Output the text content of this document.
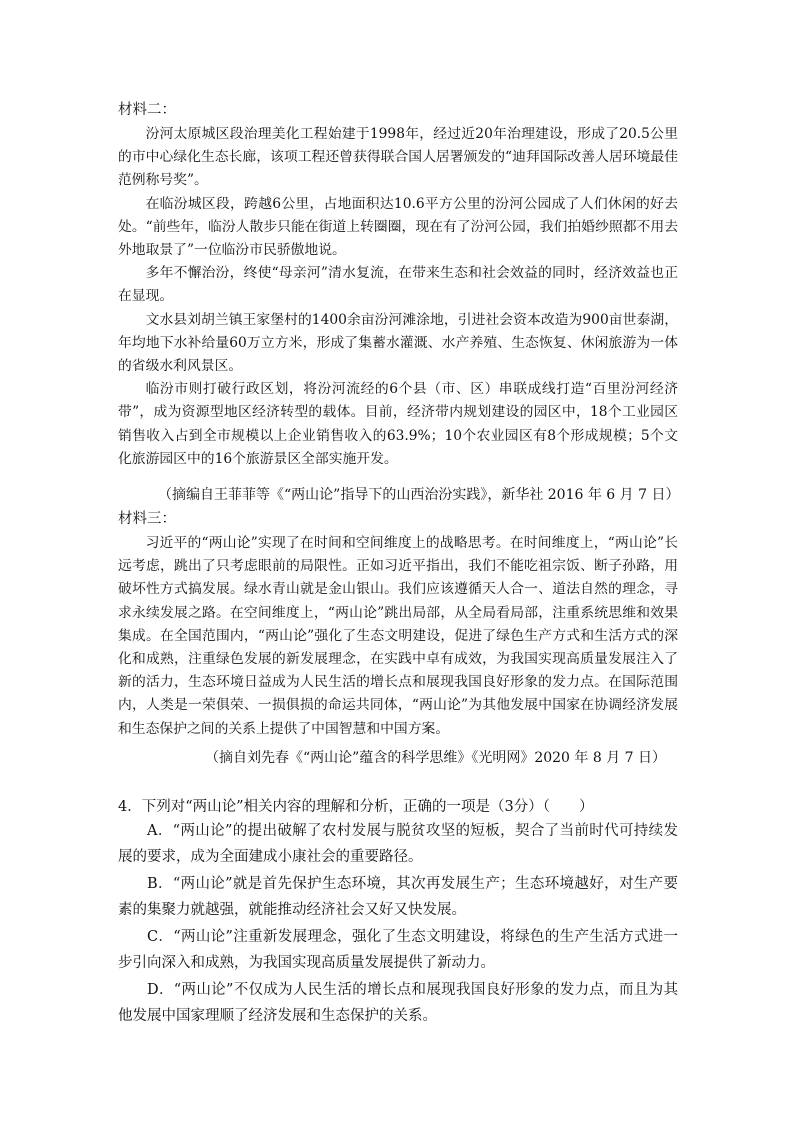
材料二：

汾河太原城区段治理美化工程始建于1998年，经过近20年治理建设，形成了20.5公里的市中心绿化生态长廊，该项工程还曾获得联合国人居署颁发的“迪拜国际改善人居环境最佳范例称号奖”。

在临汾城区段，跨越6公里，占地面积达10.6平方公里的汾河公园成了人们休闲的好去处。“前些年，临汾人散步只能在街道上转圈圈，现在有了汾河公园，我们拍婚纱照都不用去外地取景了”一位临汾市民骄傲地说。

多年不懈治汾，终使“母亲河”清水复流，在带来生态和社会效益的同时，经济效益也正在显现。

文水县刘胡兰镇王家堡村的1400余亩汾河滩涂地，引进社会资本改造为900亩世泰湖，年均地下水补给量60万立方米，形成了集蓄水灌溉、水产养殖、生态恢复、休闲旅游为一体的省级水利风景区。

临汾市则打破行政区划，将汾河流经的6个县（市、区）串联成线打造“百里汾河经济带”，成为资源型地区经济转型的载体。目前，经济带内规划建设的园区中，18个工业园区销售收入占到全市规模以上企业销售收入的63.9%；10个农业园区有8个形成规模；5个文化旅游园区中的16个旅游景区全部实施开发。

（摘编自王菲菲等《“两山论”指导下的山西治汾实践》，新华社 2016 年 6 月 7 日）
材料三：

习近平的“两山论”实现了在时间和空间维度上的战略思考。在时间维度上，“两山论”长远考虑，跳出了只考虑眼前的局限性。正如习近平指出，我们不能吃祖宗饭、断子孙路，用破坏性方式搞发展。绿水青山就是金山银山。我们应该遵循天人合一、道法自然的理念，寻求永续发展之路。在空间维度上，“两山论”跳出局部，从全局看局部，注重系统思维和效果集成。在全国范围内，“两山论”强化了生态文明建设，促进了绿色生产方式和生活方式的深化和成熟，注重绿色发展的新发展理念，在实践中卓有成效，为我国实现高质量发展注入了新的活力，生态环境日益成为人民生活的增长点和展现我国良好形象的发力点。在国际范围内，人类是一荣俱荣、一损俱损的命运共同体，“两山论”为其他发展中国家在协调经济发展和生态保护之间的关系上提供了中国智慧和中国方案。

（摘自刘先春《“两山论”蕴含的科学思维》《光明网》2020 年 8 月 7 日）

4．下列对“两山论”相关内容的理解和分析，正确的一项是（3分）（　　）

A．“两山论”的提出破解了农村发展与脱贫攻坚的短板，契合了当前时代可持续发展的要求，成为全面建成小康社会的重要路径。

B．“两山论”就是首先保护生态环境，其次再发展生产；生态环境越好，对生产要素的集聚力就越强，就能推动经济社会又好又快发展。

C．“两山论”注重新发展理念，强化了生态文明建设，将绿色的生产生活方式进一步引向深入和成熟，为我国实现高质量发展提供了新动力。

D．“两山论”不仅成为人民生活的增长点和展现我国良好形象的发力点，而且为其他发展中国家理顺了经济发展和生态保护的关系。
